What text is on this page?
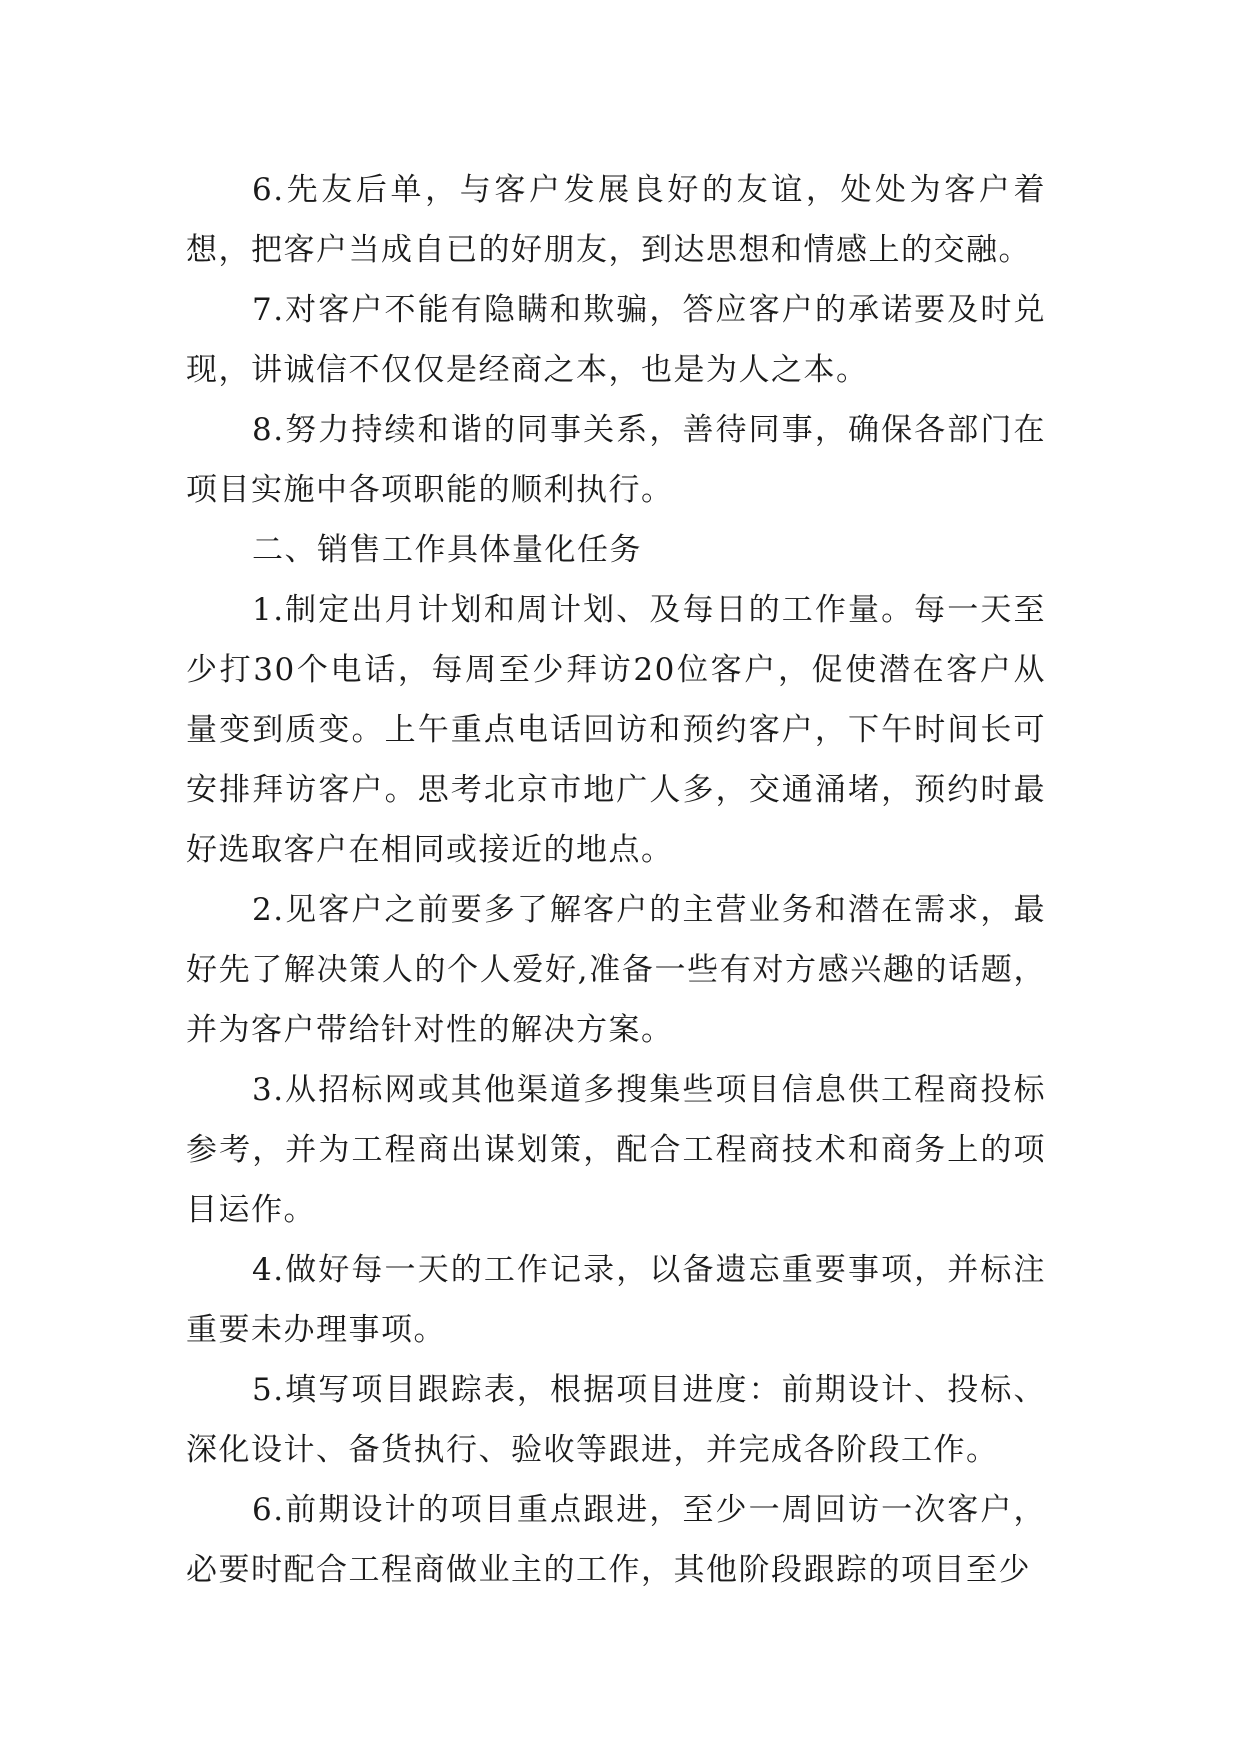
6.先友后单，与客户发展良好的友谊，处处为客户着想，把客户当成自已的好朋友，到达思想和情感上的交融。

7.对客户不能有隐瞒和欺骗，答应客户的承诺要及时兑现，讲诚信不仅仅是经商之本，也是为人之本。

8.努力持续和谐的同事关系，善待同事，确保各部门在项目实施中各项职能的顺利执行。

二、销售工作具体量化任务

1.制定出月计划和周计划、及每日的工作量。每一天至少打30个电话，每周至少拜访20位客户，促使潜在客户从量变到质变。上午重点电话回访和预约客户，下午时间长可安排拜访客户。思考北京市地广人多，交通涌堵，预约时最好选取客户在相同或接近的地点。

2.见客户之前要多了解客户的主营业务和潜在需求，最好先了解决策人的个人爱好,准备一些有对方感兴趣的话题，并为客户带给针对性的解决方案。

3.从招标网或其他渠道多搜集些项目信息供工程商投标参考，并为工程商出谋划策，配合工程商技术和商务上的项目运作。

4.做好每一天的工作记录，以备遗忘重要事项，并标注重要未办理事项。

5.填写项目跟踪表，根据项目进度：前期设计、投标、深化设计、备货执行、验收等跟进，并完成各阶段工作。

6.前期设计的项目重点跟进，至少一周回访一次客户，必要时配合工程商做业主的工作，其他阶段跟踪的项目至少
